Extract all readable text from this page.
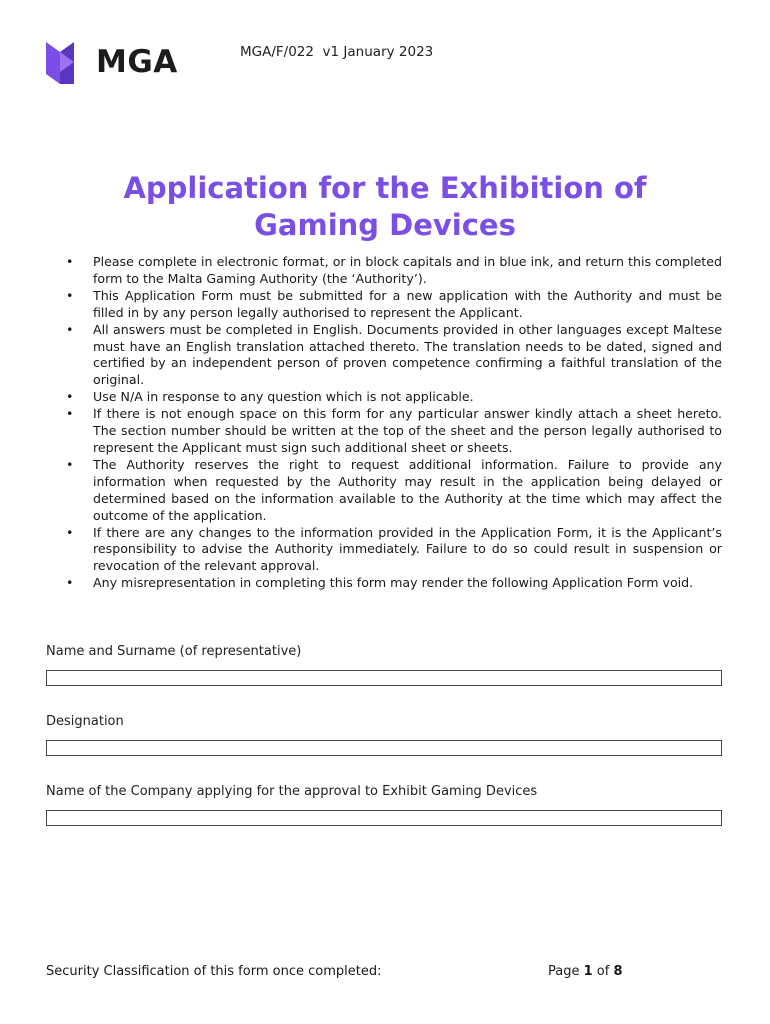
MGA	MGA/F/022  v1 January 2023
Application for the Exhibition of
Gaming Devices
• Please complete in electronic format, or in block capitals and in blue ink, and return this completed form to the Malta Gaming Authority (the ‘Authority’).
• This Application Form must be submitted for a new application with the Authority and must be filled in by any person legally authorised to represent the Applicant.
• All answers must be completed in English. Documents provided in other languages except Maltese must have an English translation attached thereto. The translation needs to be dated, signed and certified by an independent person of proven competence confirming a faithful translation of the original.
• Use N/A in response to any question which is not applicable.
• If there is not enough space on this form for any particular answer kindly attach a sheet hereto. The section number should be written at the top of the sheet and the person legally authorised to represent the Applicant must sign such additional sheet or sheets.
• The Authority reserves the right to request additional information. Failure to provide any information when requested by the Authority may result in the application being delayed or determined based on the information available to the Authority at the time which may affect the outcome of the application.
• If there are any changes to the information provided in the Application Form, it is the Applicant’s responsibility to advise the Authority immediately. Failure to do so could result in suspension or revocation of the relevant approval.
• Any misrepresentation in completing this form may render the following Application Form void.
Name and Surname (of representative)
Designation
Name of the Company applying for the approval to Exhibit Gaming Devices
Security Classification of this form once completed:	Page 1 of 8
